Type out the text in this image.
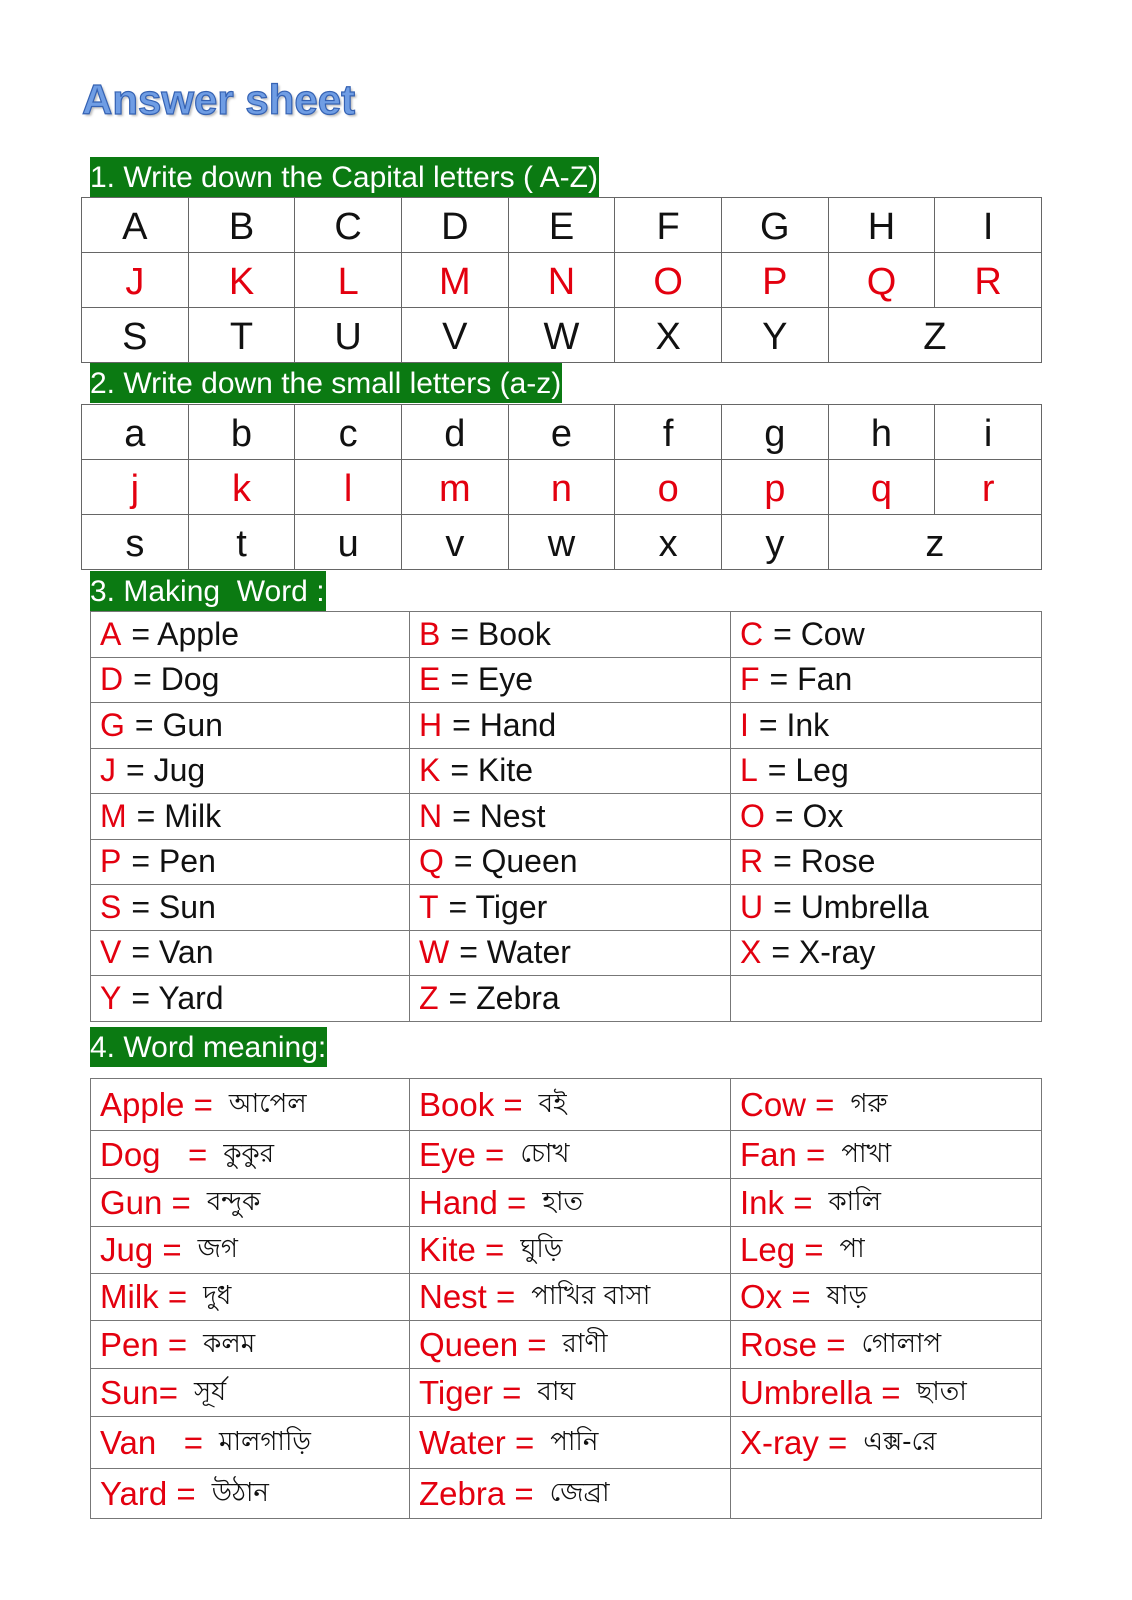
Answer sheet
1. Write down the Capital letters ( A-Z)
A	B	C	D	E	F	G	H	I
J	K	L	M	N	O	P	Q	R
S	T	U	V	W	X	Y	Z
2. Write down the small letters (a-z)
a	b	c	d	e	f	g	h	i
j	k	l	m	n	o	p	q	r
s	t	u	v	w	x	y	z
3. Making  Word :
A = Apple	B = Book	C = Cow
D = Dog	E = Eye	F = Fan
G = Gun	H = Hand	I = Ink
J = Jug	K = Kite	L = Leg
M = Milk	N = Nest	O = Ox
P = Pen	Q = Queen	R = Rose
S = Sun	T = Tiger	U = Umbrella
V = Van	W = Water	X = X-ray
Y = Yard	Z = Zebra
4. Word meaning:
Apple = আপেল	Book = বই	Cow = গরু
Dog   = কুকুর	Eye = চোখ	Fan = পাখা
Gun = বন্দুক	Hand = হাত	Ink = কালি
Jug = জগ	Kite = ঘুড়ি	Leg = পা
Milk = দুধ	Nest = পাখির বাসা	Ox = ষাড়
Pen = কলম	Queen = রাণী	Rose = গোলাপ
Sun= সূর্য	Tiger = বাঘ	Umbrella = ছাতা
Van   = মালগাড়ি	Water = পানি	X-ray = এক্স-রে
Yard = উঠান	Zebra = জেব্রা
